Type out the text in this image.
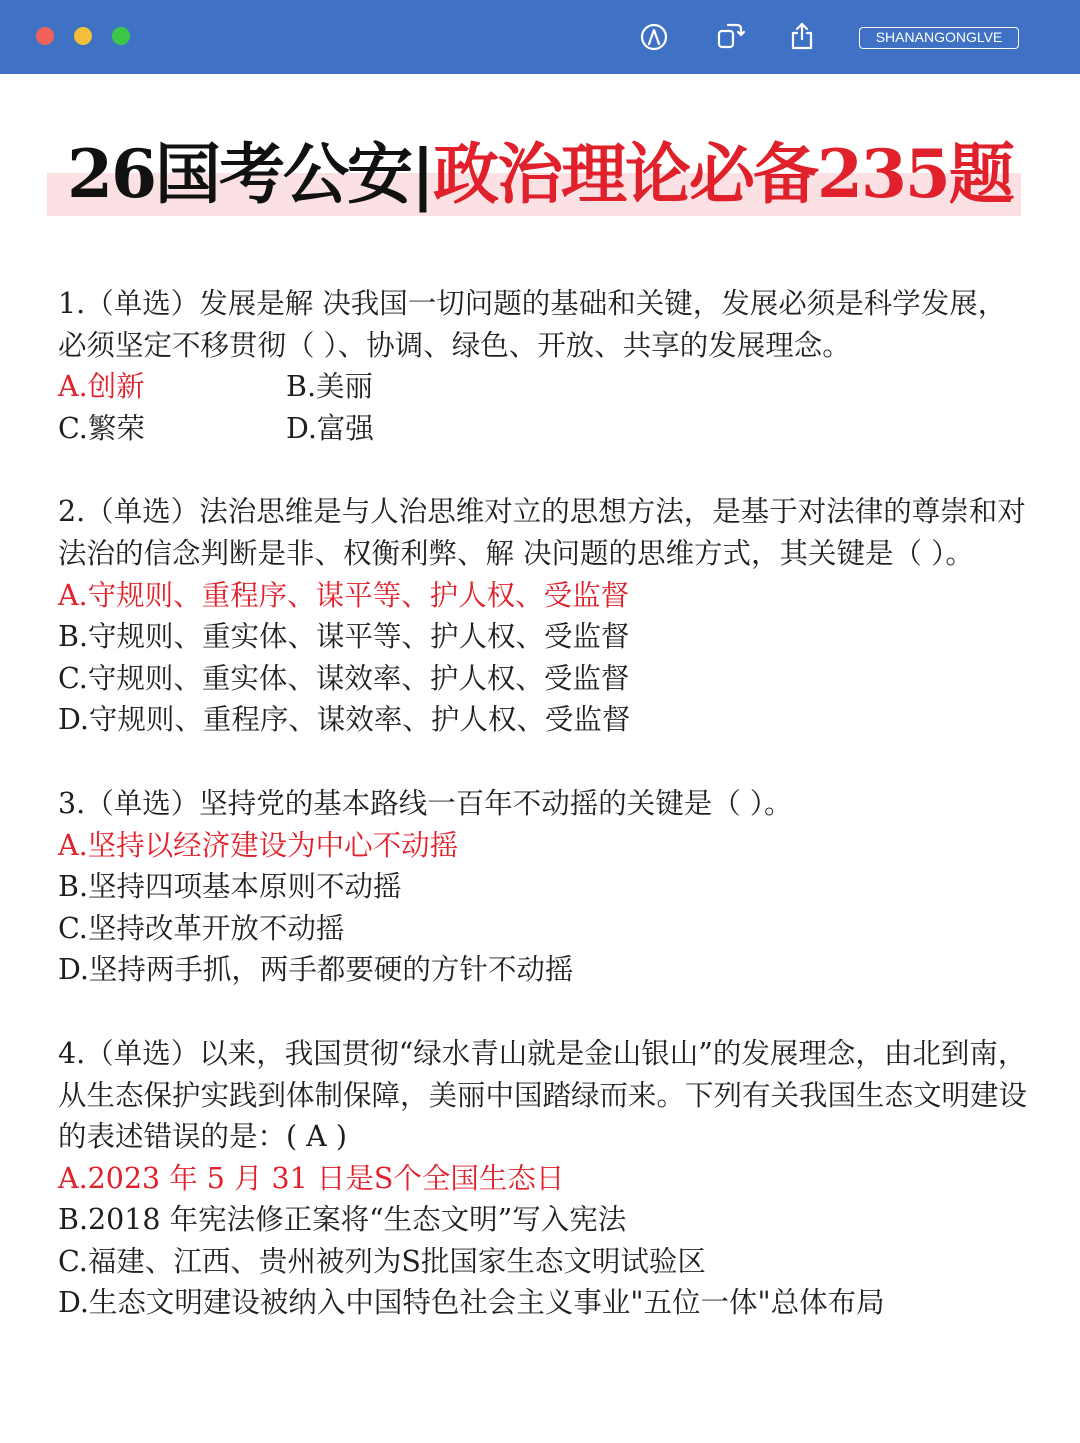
SHANANGONGLVE
26国考公安|政治理论必备235题
1.（单选）发展是解 决我国一切问题的基础和关键，发展必须是科学发展，必须坚定不移贯彻（ ）、协调、绿色、开放、共享的发展理念。
A.创新	B.美丽
C.繁荣	D.富强
2.（单选）法治思维是与人治思维对立的思想方法，是基于对法律的尊崇和对法治的信念判断是非、权衡利弊、解 决问题的思维方式，其关键是（ ）。
A.守规则、重程序、谋平等、护人权、受监督
B.守规则、重实体、谋平等、护人权、受监督
C.守规则、重实体、谋效率、护人权、受监督
D.守规则、重程序、谋效率、护人权、受监督
3.（单选）坚持党的基本路线一百年不动摇的关键是（ ）。
A.坚持以经济建设为中心不动摇
B.坚持四项基本原则不动摇
C.坚持改革开放不动摇
D.坚持两手抓，两手都要硬的方针不动摇
4.（单选）以来，我国贯彻“绿水青山就是金山银山”的发展理念，由北到南，从生态保护实践到体制保障，美丽中国踏绿而来。下列有关我国生态文明建设的表述错误的是：( A )
A.2023 年 5 月 31 日是S个全国生态日
B.2018 年宪法修正案将“生态文明”写入宪法
C.福建、江西、贵州被列为S批国家生态文明试验区
D.生态文明建设被纳入中国特色社会主义事业"五位一体"总体布局
